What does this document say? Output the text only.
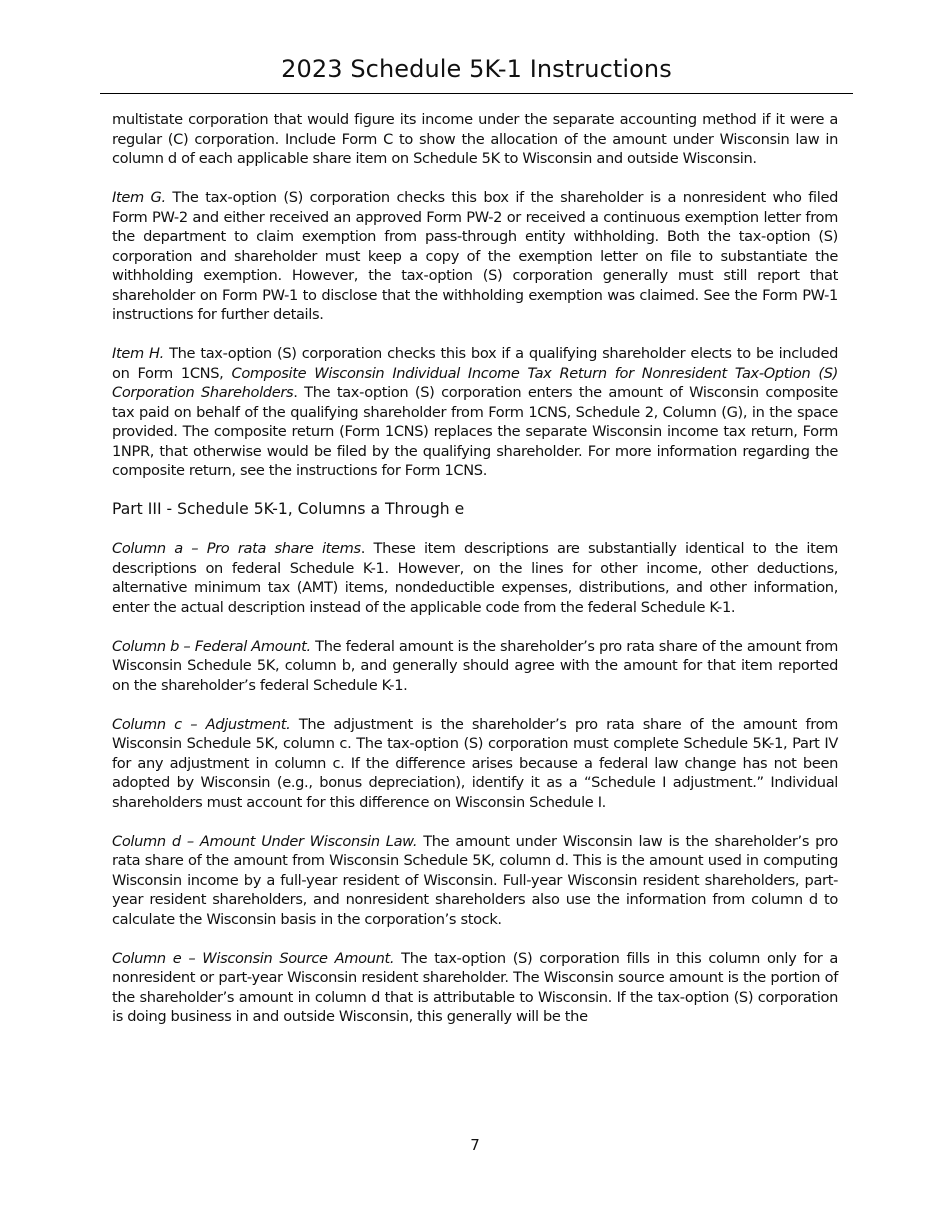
2023 Schedule 5K-1 Instructions

multistate corporation that would figure its income under the separate accounting method if it were a regular (C) corporation. Include Form C to show the allocation of the amount under Wisconsin law in column d of each applicable share item on Schedule 5K to Wisconsin and outside Wisconsin.

Item G. The tax-option (S) corporation checks this box if the shareholder is a nonresident who filed Form PW-2 and either received an approved Form PW-2 or received a continuous exemption letter from the department to claim exemption from pass-through entity withholding. Both the tax-option (S) corporation and shareholder must keep a copy of the exemption letter on file to substantiate the withholding exemption. However, the tax-option (S) corporation generally must still report that shareholder on Form PW-1 to disclose that the withholding exemption was claimed. See the Form PW-1 instructions for further details.

Item H. The tax-option (S) corporation checks this box if a qualifying shareholder elects to be included on Form 1CNS, Composite Wisconsin Individual Income Tax Return for Nonresident Tax-Option (S) Corporation Shareholders. The tax-option (S) corporation enters the amount of Wisconsin composite tax paid on behalf of the qualifying shareholder from Form 1CNS, Schedule 2, Column (G), in the space provided. The composite return (Form 1CNS) replaces the separate Wisconsin income tax return, Form 1NPR, that otherwise would be filed by the qualifying shareholder. For more information regarding the composite return, see the instructions for Form 1CNS.

Part III - Schedule 5K-1, Columns a Through e

Column a – Pro rata share items. These item descriptions are substantially identical to the item descriptions on federal Schedule K-1. However, on the lines for other income, other deductions, alternative minimum tax (AMT) items, nondeductible expenses, distributions, and other information, enter the actual description instead of the applicable code from the federal Schedule K-1.

Column b – Federal Amount. The federal amount is the shareholder’s pro rata share of the amount from Wisconsin Schedule 5K, column b, and generally should agree with the amount for that item reported on the shareholder’s federal Schedule K-1.

Column c – Adjustment. The adjustment is the shareholder’s pro rata share of the amount from Wisconsin Schedule 5K, column c. The tax-option (S) corporation must complete Schedule 5K-1, Part IV for any adjustment in column c. If the difference arises because a federal law change has not been adopted by Wisconsin (e.g., bonus depreciation), identify it as a “Schedule I adjustment.” Individual shareholders must account for this difference on Wisconsin Schedule I.

Column d – Amount Under Wisconsin Law. The amount under Wisconsin law is the shareholder’s pro rata share of the amount from Wisconsin Schedule 5K, column d. This is the amount used in computing Wisconsin income by a full-year resident of Wisconsin. Full-year Wisconsin resident shareholders, part-year resident shareholders, and nonresident shareholders also use the information from column d to calculate the Wisconsin basis in the corporation’s stock.

Column e – Wisconsin Source Amount. The tax-option (S) corporation fills in this column only for a nonresident or part-year Wisconsin resident shareholder. The Wisconsin source amount is the portion of the shareholder’s amount in column d that is attributable to Wisconsin. If the tax-option (S) corporation is doing business in and outside Wisconsin, this generally will be the

7
